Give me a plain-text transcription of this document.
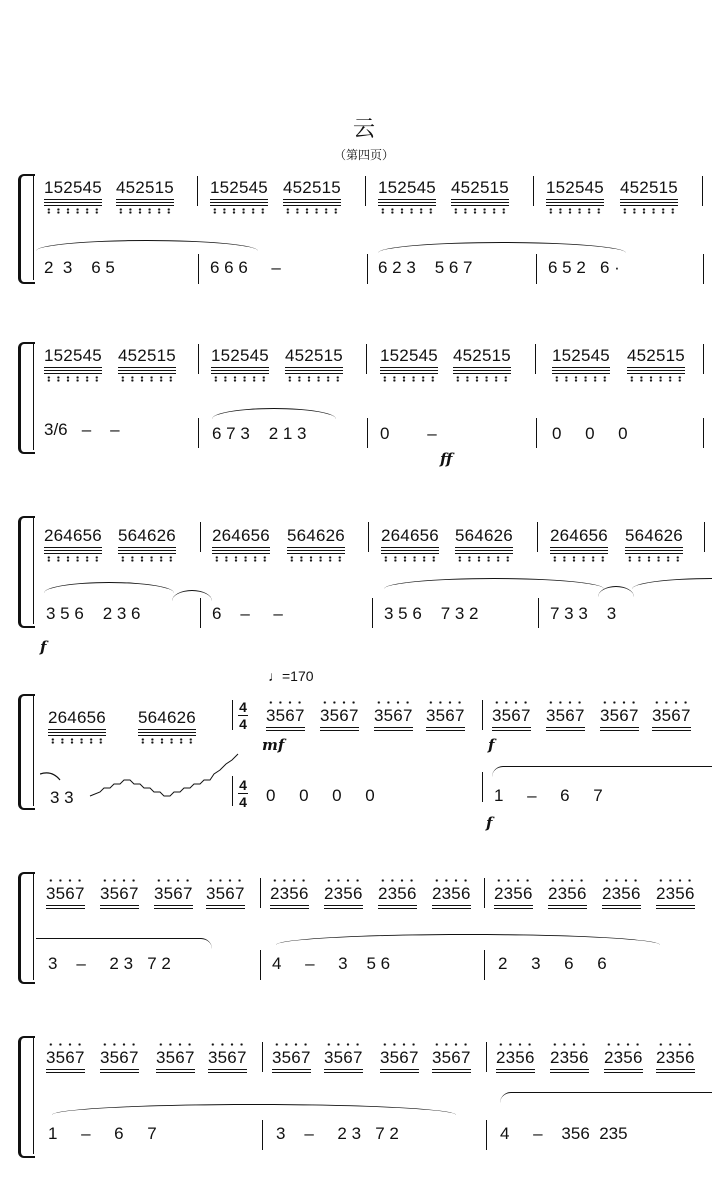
云
（第四页）
152545 452515 152545 452515 152545 452515 152545 452515
2  3    6 5	6 6 6     –	6 2 3    5 6 7	6 5 2   6 ·
152545 452515 152545 452515 152545 452515 152545 452515
3/6   –    –	6 7 3    2 1 3	0        –
ff
0     0     0
264656 564626 264656 564626 264656 564626 264656 564626
3 5 6    2 3 6	6    –     –	3 5 6    7 3 2	7 3 3    3
f
♩=170
264656 564626
4
4 3567 3567 3567 3567
mf
3567 3567 3567 3567
f
3 3
4
4 0     0     0     0	1     –     6     7
f
3567 3567 3567 3567 2356 2356 2356 2356 2356 2356 2356 2356
3    –     2 3   7 2	4     –     3    5 6	2     3     6     6
3567 3567 3567 3567 3567 3567 3567 3567 2356 2356 2356 2356
1     –     6     7	3    –     2 3   7 2	4     –    356  235
